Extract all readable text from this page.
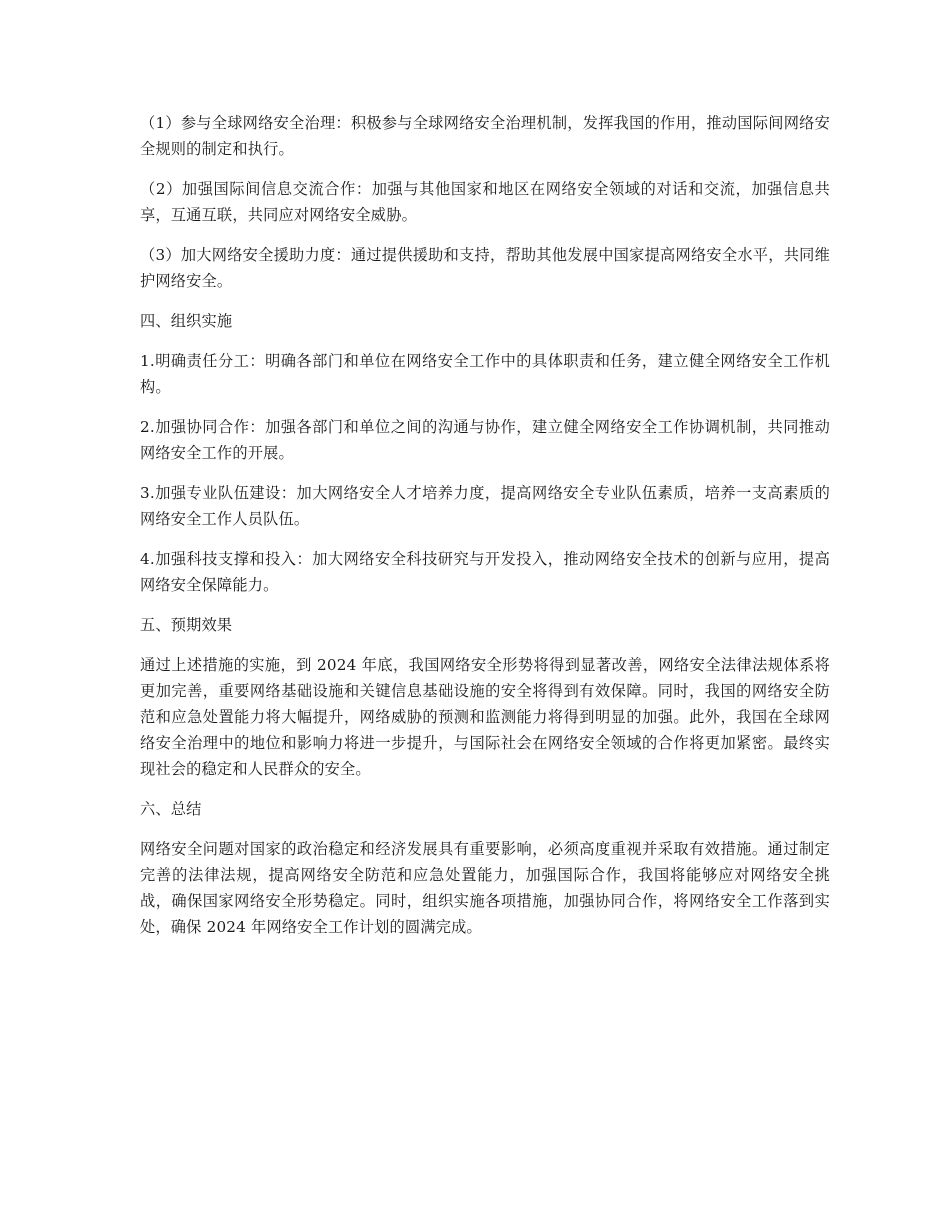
（1）参与全球网络安全治理：积极参与全球网络安全治理机制，发挥我国的作用，推动国际间网络安全规则的制定和执行。

（2）加强国际间信息交流合作：加强与其他国家和地区在网络安全领域的对话和交流，加强信息共享，互通互联，共同应对网络安全威胁。

（3）加大网络安全援助力度：通过提供援助和支持，帮助其他发展中国家提高网络安全水平，共同维护网络安全。

四、组织实施

1.明确责任分工：明确各部门和单位在网络安全工作中的具体职责和任务，建立健全网络安全工作机构。

2.加强协同合作：加强各部门和单位之间的沟通与协作，建立健全网络安全工作协调机制，共同推动网络安全工作的开展。

3.加强专业队伍建设：加大网络安全人才培养力度，提高网络安全专业队伍素质，培养一支高素质的网络安全工作人员队伍。

4.加强科技支撑和投入：加大网络安全科技研究与开发投入，推动网络安全技术的创新与应用，提高网络安全保障能力。

五、预期效果

通过上述措施的实施，到 2024 年底，我国网络安全形势将得到显著改善，网络安全法律法规体系将更加完善，重要网络基础设施和关键信息基础设施的安全将得到有效保障。同时，我国的网络安全防范和应急处置能力将大幅提升，网络威胁的预测和监测能力将得到明显的加强。此外，我国在全球网络安全治理中的地位和影响力将进一步提升，与国际社会在网络安全领域的合作将更加紧密。最终实现社会的稳定和人民群众的安全。

六、总结

网络安全问题对国家的政治稳定和经济发展具有重要影响，必须高度重视并采取有效措施。通过制定完善的法律法规，提高网络安全防范和应急处置能力，加强国际合作，我国将能够应对网络安全挑战，确保国家网络安全形势稳定。同时，组织实施各项措施，加强协同合作，将网络安全工作落到实处，确保 2024 年网络安全工作计划的圆满完成。
